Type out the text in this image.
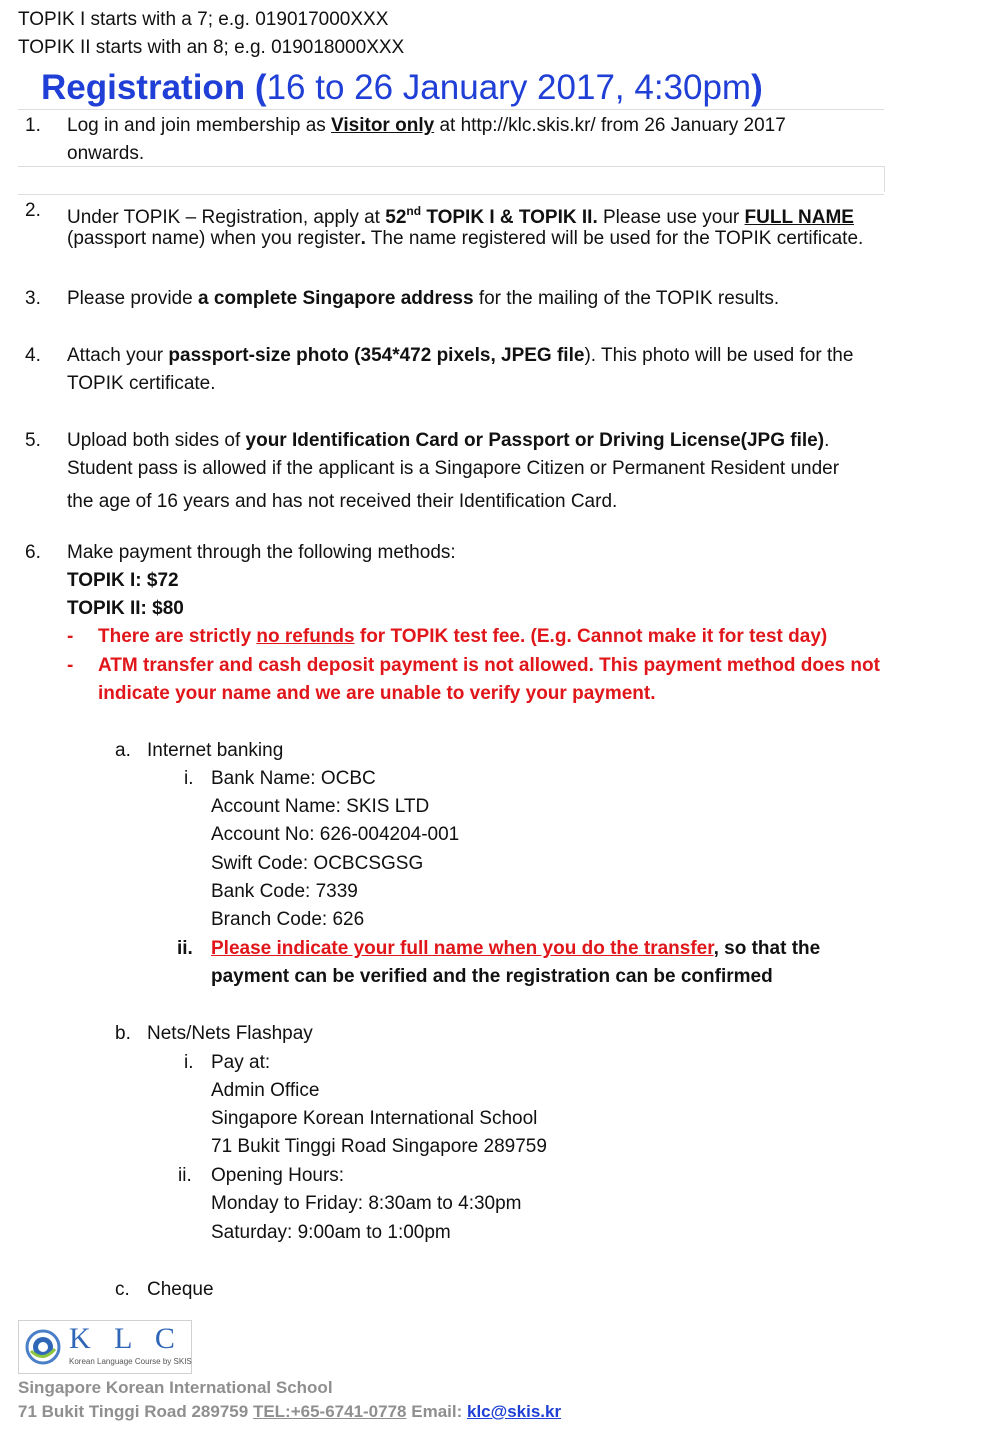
TOPIK I starts with a 7; e.g. 019017000XXX
TOPIK II starts with an 8; e.g. 019018000XXX
Registration (16 to 26 January 2017, 4:30pm)
1.	Log in and join membership as Visitor only at http://klc.skis.kr/ from 26 January 2017
onwards.
2.	Under TOPIK – Registration, apply at 52nd TOPIK I & TOPIK II. Please use your FULL NAME
(passport name) when you register. The name registered will be used for the TOPIK certificate.
3.	Please provide a complete Singapore address for the mailing of the TOPIK results.
4.	Attach your passport-size photo (354*472 pixels, JPEG file). This photo will be used for the
TOPIK certificate.
5.	Upload both sides of your Identification Card or Passport or Driving License(JPG file).
Student pass is allowed if the applicant is a Singapore Citizen or Permanent Resident under
the age of 16 years and has not received their Identification Card.
6.	Make payment through the following methods:
TOPIK I: $72
TOPIK II: $80
- There are strictly no refunds for TOPIK test fee. (E.g. Cannot make it for test day)
- ATM transfer and cash deposit payment is not allowed. This payment method does not
indicate your name and we are unable to verify your payment.
a. Internet banking
i. Bank Name: OCBC
Account Name: SKIS LTD
Account No: 626-004204-001
Swift Code: OCBCSGSG
Bank Code: 7339
Branch Code: 626
ii. Please indicate your full name when you do the transfer, so that the
payment can be verified and the registration can be confirmed
b. Nets/Nets Flashpay
i. Pay at:
Admin Office
Singapore Korean International School
71 Bukit Tinggi Road Singapore 289759
ii. Opening Hours:
Monday to Friday: 8:30am to 4:30pm
Saturday: 9:00am to 1:00pm
c. Cheque
K L C
Korean Language Course by SKIS
Singapore Korean International School
71 Bukit Tinggi Road 289759 TEL:+65-6741-0778 Email: klc@skis.kr
